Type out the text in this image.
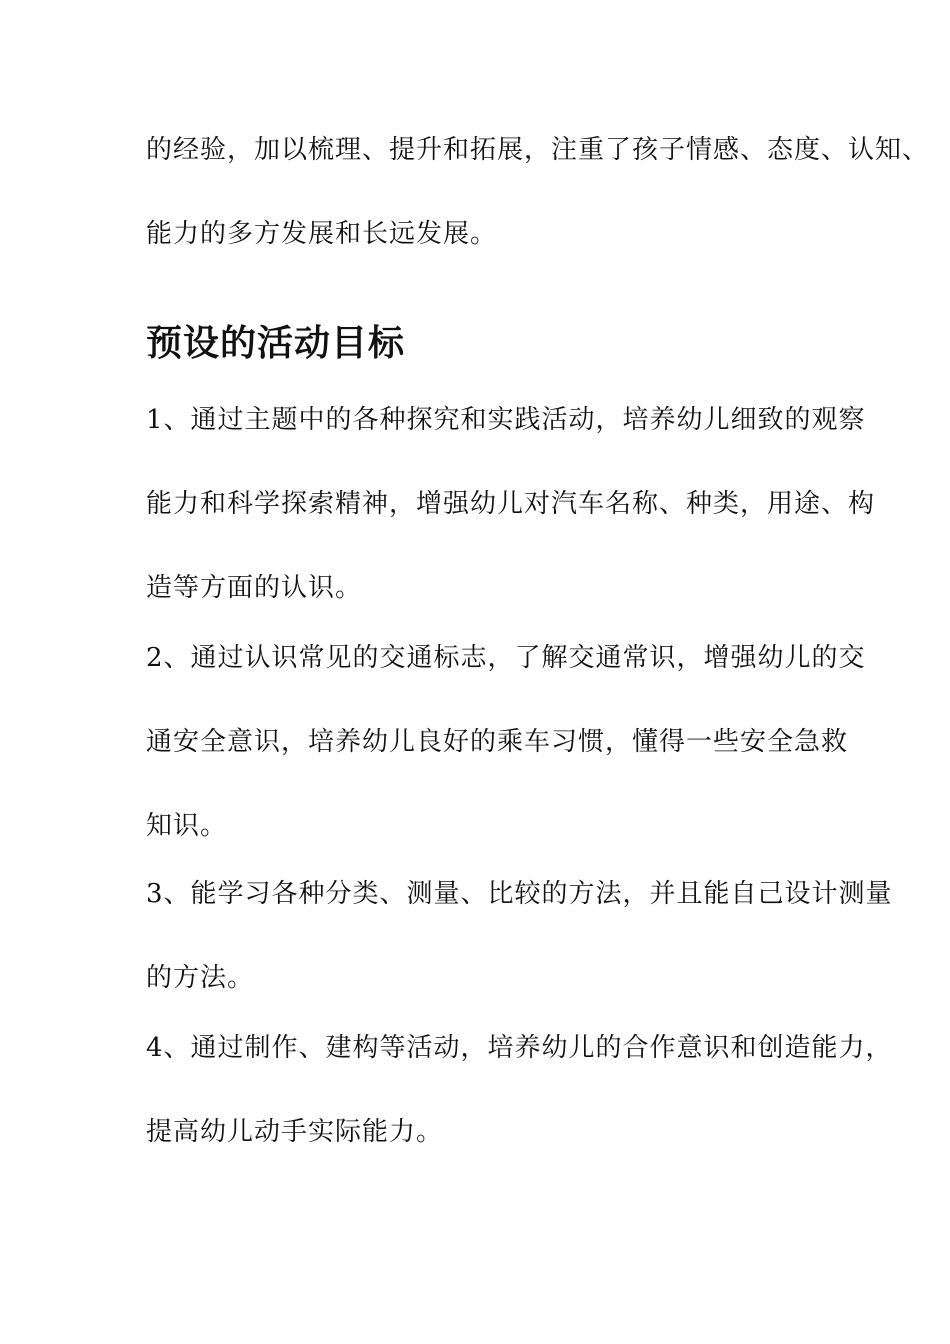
的经验，加以梳理、提升和拓展，注重了孩子情感、态度、认知、

能力的多方发展和长远发展。

预设的活动目标

1、通过主题中的各种探究和实践活动，培养幼儿细致的观察

能力和科学探索精神，增强幼儿对汽车名称、种类，用途、构

造等方面的认识。

2、通过认识常见的交通标志，了解交通常识，增强幼儿的交

通安全意识，培养幼儿良好的乘车习惯，懂得一些安全急救

知识。

3、能学习各种分类、测量、比较的方法，并且能自己设计测量

的方法。

4、通过制作、建构等活动，培养幼儿的合作意识和创造能力，

提高幼儿动手实际能力。
